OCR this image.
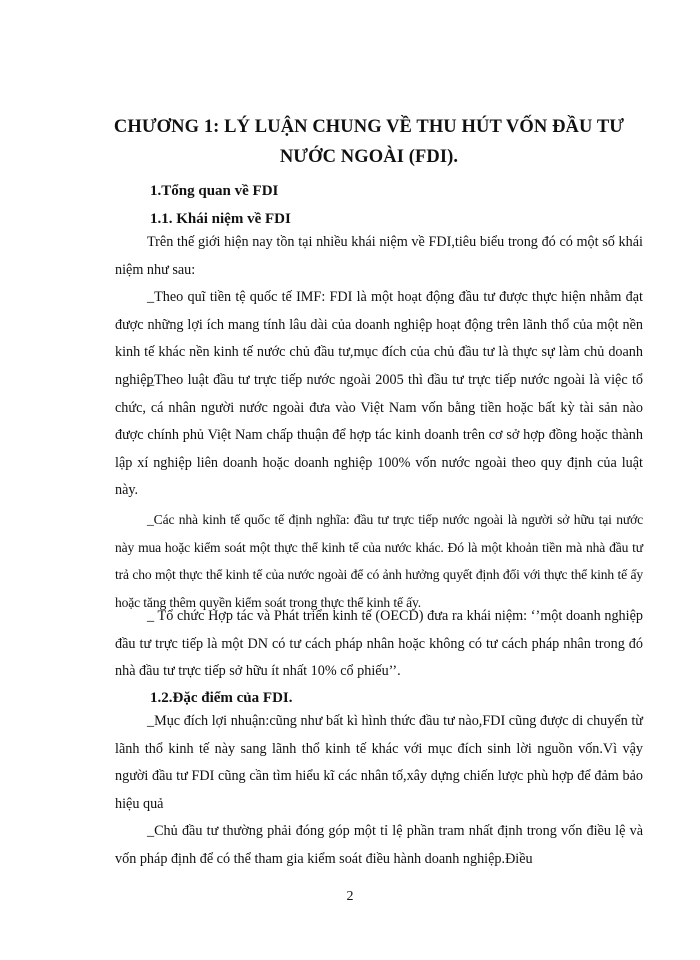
CHƯƠNG 1: LÝ LUẬN CHUNG VỀ THU HÚT VỐN ĐẦU TƯ NƯỚC NGOÀI (FDI).
1.Tổng quan về FDI
1.1. Khái niệm về FDI

Trên thế giới hiện nay tồn tại nhiều khái niệm về FDI,tiêu biểu trong đó có một số khái niệm như sau:

_Theo quĩ tiền tệ quốc tế IMF: FDI là một hoạt động đầu tư được thực hiện nhằm đạt được những lợi ích mang tính lâu dài của doanh nghiệp hoạt động trên lãnh thổ của một nền kinh tế khác nền kinh tế nước chủ đầu tư,mục đích của chủ đầu tư là thực sự làm chủ doanh nghiệp

_Theo luật đầu tư trực tiếp nước ngoài 2005 thì đầu tư trực tiếp nước ngoài là việc tổ chức, cá nhân người nước ngoài đưa vào Việt Nam vốn bằng tiền hoặc bất kỳ tài sản nào được chính phủ Việt Nam chấp thuận để hợp tác kinh doanh trên cơ sở hợp đồng hoặc thành lập xí nghiệp liên doanh hoặc doanh nghiệp 100% vốn nước ngoài theo quy định của luật này.

_Các nhà kinh tế quốc tế định nghĩa: đầu tư trực tiếp nước ngoài là người sở hữu tại nước này mua hoặc kiểm soát một thực thể kinh tế của nước khác. Đó là một khoản tiền mà nhà đầu tư trả cho một thực thể kinh tế của nước ngoài để có ảnh hưởng quyết định đối với thực thể kinh tế ấy hoặc tăng thêm quyền kiểm soát trong thực thể kinh tế ấy.

_ Tổ chức Hợp tác và Phát triển kinh tế (OECD) đưa ra khái niệm: ‘’một doanh nghiệp đầu tư trực tiếp là một DN có tư cách pháp nhân hoặc không có tư cách pháp nhân trong đó nhà đầu tư trực tiếp sở hữu ít nhất 10% cổ phiếu’’.

1.2.Đặc điểm của FDI.

_Mục đích lợi nhuận:cũng như bất kì hình thức đầu tư nào,FDI cũng được di chuyển từ lãnh thổ kinh tế này sang lãnh thổ kinh tế khác với mục đích sinh lời nguồn vốn.Vì vậy người đầu tư FDI cũng cần tìm hiểu kĩ các nhân tố,xây dựng chiến lược phù hợp để đảm bảo hiệu quả

_Chủ đầu tư thường phải đóng góp một tỉ lệ phần tram nhất định trong vốn điều lệ và vốn pháp định để có thể tham gia kiểm soát điều hành doanh nghiệp.Điều

2
